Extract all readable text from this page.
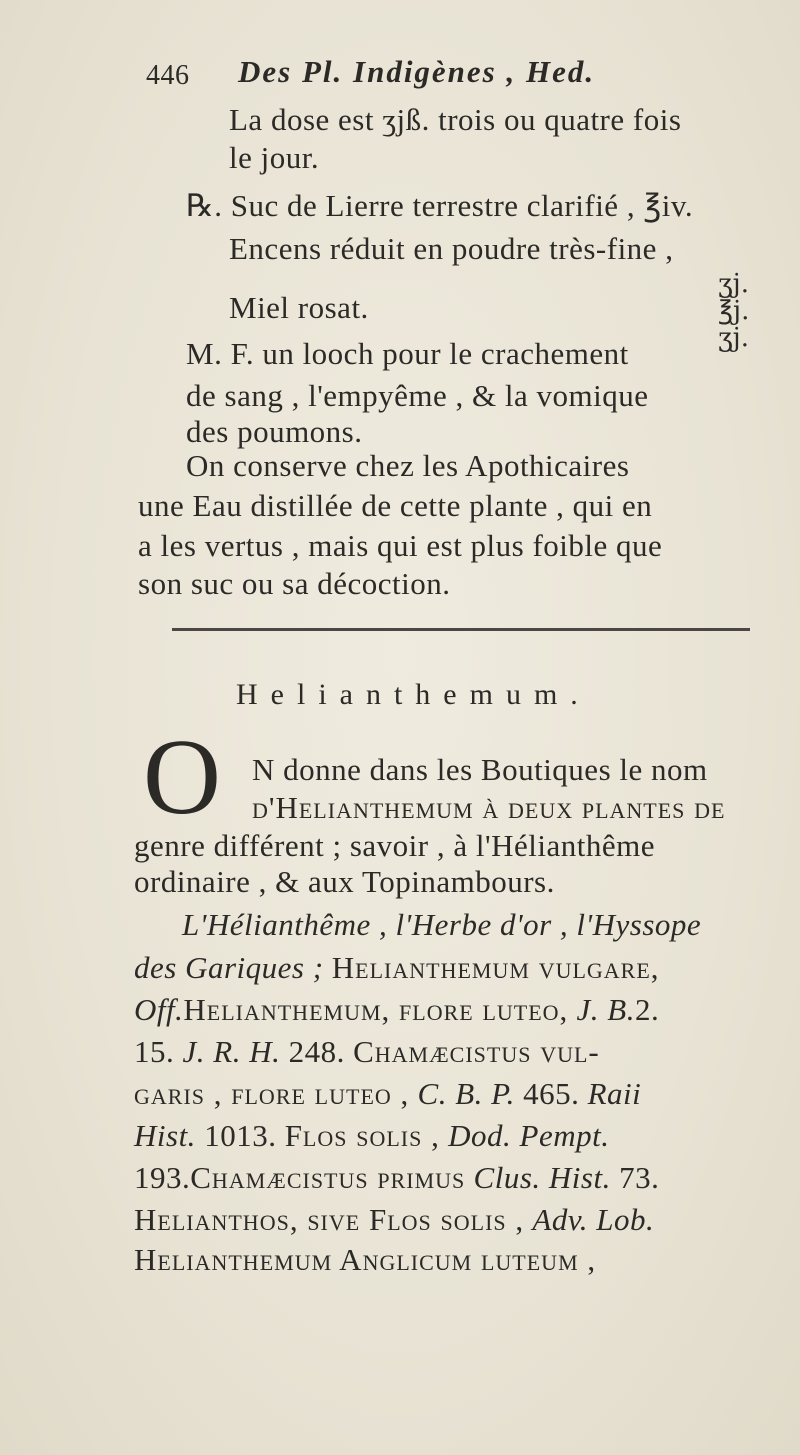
446 Des Pl. Indigènes , Hed.
La dose est ʒjß. trois ou quatre fois
le jour.
℞. Suc de Lierre terrestre clarifié , ℥iv.
Encens réduit en poudre très-fine ,
ʒj.
Miel rosat.	℥j.
ʒj.
M. F. un looch pour le crachement
de sang , l'empyême , & la vomique
des poumons.
On conserve chez les Apothicaires
une Eau distillée de cette plante , qui en
a les vertus , mais qui est plus foible que
son suc ou sa décoction.
Helianthemum.
O N donne dans les Boutiques le nom
d'Helianthemum à deux plantes de
genre différent ; savoir , à l'Hélianthême
ordinaire , & aux Topinambours.
L'Hélianthême , l'Herbe d'or , l'Hyssope
des Gariques ; Helianthemum vulgare,
Off.Helianthemum, flore luteo, J. B.2.
15. J. R. H. 248. Chamæcistus vul-
garis , flore luteo , C. B. P. 465. Raii
Hist. 1013. Flos solis , Dod. Pempt.
193.Chamæcistus primus Clus. Hist. 73.
Helianthos, sive Flos solis , Adv. Lob.
Helianthemum Anglicum luteum ,
